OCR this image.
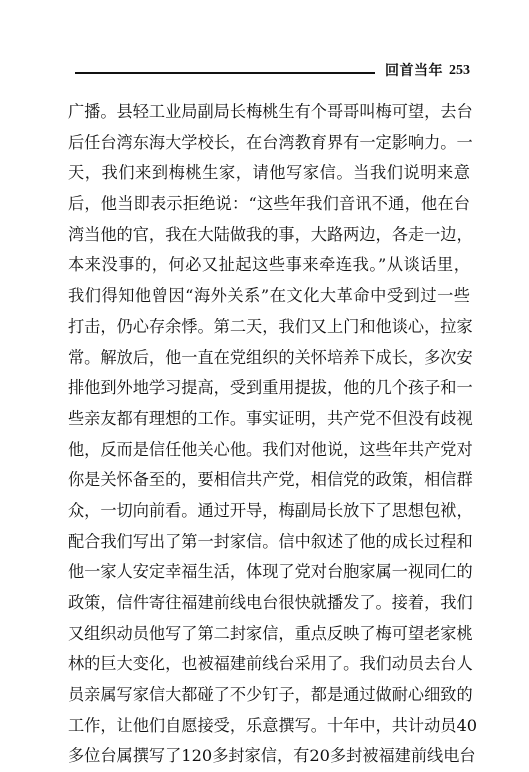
回首当年 253
广播。县轻工业局副局长梅桃生有个哥哥叫梅可望，去台
后任台湾东海大学校长，在台湾教育界有一定影响力。一
天，我们来到梅桃生家，请他写家信。当我们说明来意
后，他当即表示拒绝说：“这些年我们音讯不通，他在台
湾当他的官，我在大陆做我的事，大路两边，各走一边，
本来没事的，何必又扯起这些事来牵连我。”从谈话里，
我们得知他曾因“海外关系”在文化大革命中受到过一些
打击，仍心存余悸。第二天，我们又上门和他谈心，拉家
常。解放后，他一直在党组织的关怀培养下成长，多次安
排他到外地学习提高，受到重用提拔，他的几个孩子和一
些亲友都有理想的工作。事实证明，共产党不但没有歧视
他，反而是信任他关心他。我们对他说，这些年共产党对
你是关怀备至的，要相信共产党，相信党的政策，相信群
众，一切向前看。通过开导，梅副局长放下了思想包袱，
配合我们写出了第一封家信。信中叙述了他的成长过程和
他一家人安定幸福生活，体现了党对台胞家属一视同仁的
政策，信件寄往福建前线电台很快就播发了。接着，我们
又组织动员他写了第二封家信，重点反映了梅可望老家桃
林的巨大变化，也被福建前线台采用了。我们动员去台人
员亲属写家信大都碰了不少钉子，都是通过做耐心细致的
工作，让他们自愿接受，乐意撰写。十年中，共计动员40
多位台属撰写了120多封家信，有20多封被福建前线电台
